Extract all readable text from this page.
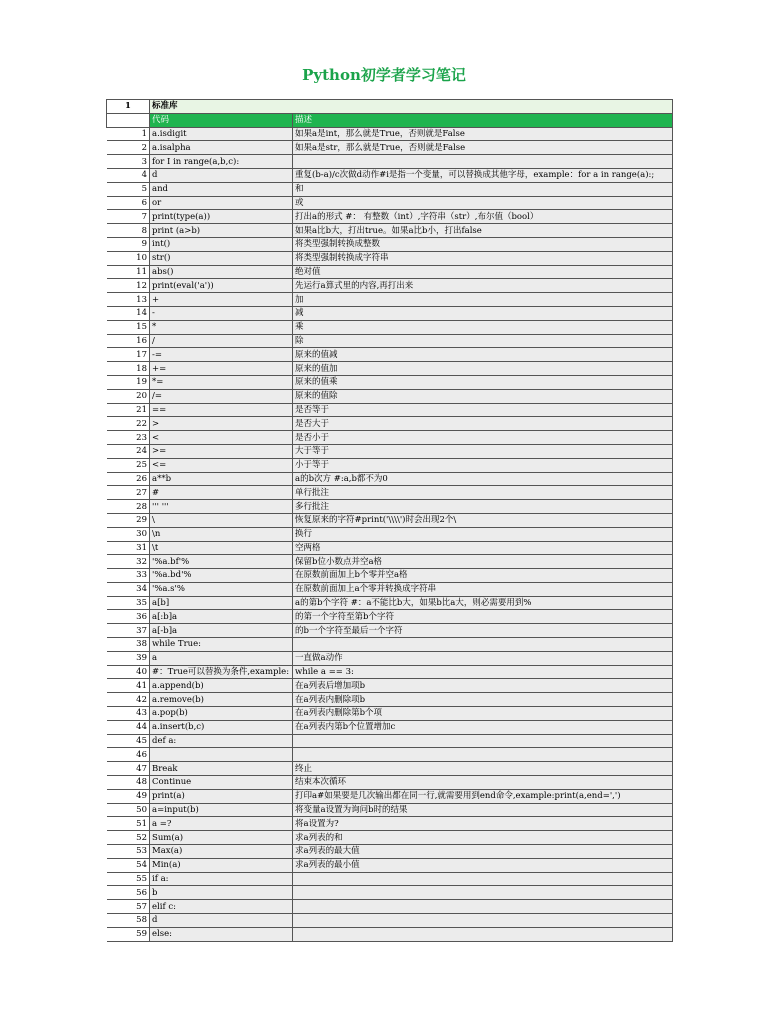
Python初学者学习笔记
1	标准库	
	代码	描述
1	a.isdigit	如果a是int，那么就是True，否则就是False
2	a.isalpha	如果a是str，那么就是True，否则就是False
3	for I in range(a,b,c):	
4	d	重复(b-a)/c次做d动作#i是指一个变量，可以替换成其他字母，example：for a in range(a):;
5	and	和
6	or	或
7	print(type(a))	打出a的形式 #： 有整数（int）,字符串（str）,布尔值（bool）
8	print (a>b)	如果a比b大，打出true。如果a比b小，打出false
9	int()	将类型强制转换成整数
10	str()	将类型强制转换成字符串
11	abs()	绝对值
12	print(eval('a'))	先运行a算式里的内容,再打出来
13	+	加
14	-	减
15	*	乘
16	/	除
17	-=	原来的值减
18	+=	原来的值加
19	*=	原来的值乘
20	/=	原来的值除
21	==	是否等于
22	>	是否大于
23	<	是否小于
24	>=	大于等于
25	<=	小于等于
26	a**b	a的b次方 #:a,b都不为0
27	#	单行批注
28	''' '''	多行批注
29	\	恢复原来的字符#print('\\\\')时会出现2个\
30	\n	换行
31	\t	空两格
32	'%a.bf'%	保留b位小数点并空a格
33	'%a.bd'%	在原数前面加上b个零并空a格
34	'%a.s'%	在原数前面加上a个零并转换成字符串
35	a[b]	a的第b个字符 #：a不能比b大，如果b比a大，则必需要用到%
36	a[:b]a	的第一个字符至第b个字符
37	a[-b]a	的b一个字符至最后一个字符
38	while True:	
39	a	一直做a动作
40	#：True可以替换为条件,example:	while a == 3:
41	a.append(b)	在a列表后增加项b
42	a.remove(b)	在a列表内删除项b
43	a.pop(b)	在a列表内删除第b个项
44	a.insert(b,c)	在a列表内第b个位置增加c
45	def a:	
46		
47	Break	终止
48	Continue	结束本次循环
49	print(a)	打印a#如果要是几次输出都在同一行,就需要用到end命令,example:print(a,end=',')
50	a=input(b)	将变量a设置为询问b时的结果
51	a =?	将a设置为?
52	Sum(a)	求a列表的和
53	Max(a)	求a列表的最大值
54	Min(a)	求a列表的最小值
55	if a:	
56	b	
57	elif c:	
58	d	
59	else:	
